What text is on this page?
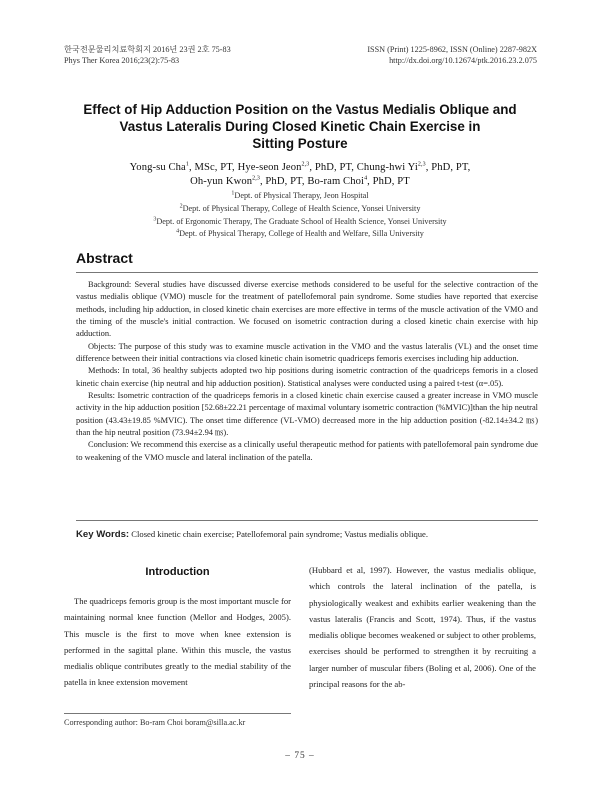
한국전문물리치료학회지 2016년 23권 2호 75-83
Phys Ther Korea 2016;23(2):75-83
ISSN (Print) 1225-8962, ISSN (Online) 2287-982X
http://dx.doi.org/10.12674/ptk.2016.23.2.075
Effect of Hip Adduction Position on the Vastus Medialis Oblique and
Vastus Lateralis During Closed Kinetic Chain Exercise in
Sitting Posture
Yong-su Cha$^1$, MSc, PT, Hye-seon Jeon$^{2,3}$, PhD, PT, Chung-hwi Yi$^{2,3}$, PhD, PT,
Oh-yun Kwon$^{2,3}$, PhD, PT, Bo-ram Choi$^4$, PhD, PT
$^1$Dept. of Physical Therapy, Jeon Hospital
$^2$Dept. of Physical Therapy, College of Health Science, Yonsei University
$^3$Dept. of Ergonomic Therapy, The Graduate School of Health Science, Yonsei University
$^4$Dept. of Physical Therapy, College of Health and Welfare, Silla University
Abstract

Background: Several studies have discussed diverse exercise methods considered to be useful for the selective contraction of the vastus medialis oblique (VMO) muscle for the treatment of patellofemoral pain syndrome. Some studies have reported that exercise methods, including hip adduction, in closed kinetic chain exercises are more effective in terms of the muscle activation of the VMO and the timing of the muscle's initial contraction. We focused on isometric contraction during a closed kinetic chain exercise with hip adduction.

Objects: The purpose of this study was to examine muscle activation in the VMO and the vastus lateralis (VL) and the onset time difference between their initial contractions via closed kinetic chain isometric quadriceps femoris exercises including hip adduction.

Methods: In total, 36 healthy subjects adopted two hip positions during isometric contraction of the quadriceps femoris in a closed kinetic chain exercise (hip neutral and hip adduction position). Statistical analyses were conducted using a paired t-test (α=.05).

Results: Isometric contraction of the quadriceps femoris in a closed kinetic chain exercise caused a greater increase in VMO muscle activity in the hip adduction position [52.68±22.21 percentage of maximal voluntary isometric contraction (%MVIC)]than the hip neutral position (43.43±19.85 %MVIC). The onset time difference (VL-VMO) decreased more in the hip adduction position (-82.14±34.2 ㎳) than the hip neutral position (73.94±2.94 ㎳).

Conclusion: We recommend this exercise as a clinically useful therapeutic method for patients with patellofemoral pain syndrome due to weakening of the VMO muscle and lateral inclination of the patella.

Key Words: Closed kinetic chain exercise; Patellofemoral pain syndrome; Vastus medialis oblique.
Introduction
The quadriceps femoris group is the most important muscle for maintaining normal knee function (Mellor and Hodges, 2005). This muscle is the first to move when knee extension is performed in the sagittal plane. Within this muscle, the vastus medialis oblique contributes greatly to the medial stability of the patella in knee extension movement
(Hubbard et al, 1997). However, the vastus medialis oblique, which controls the lateral inclination of the patella, is physiologically weakest and exhibits earlier weakening than the vastus lateralis (Francis and Scott, 1974). Thus, if the vastus medialis oblique becomes weakened or subject to other problems, exercises should be performed to strengthen it by recruiting a larger number of muscular fibers (Boling et al, 2006). One of the principal reasons for the ab-
Corresponding author: Bo-ram Choi boram@silla.ac.kr
– 75 –
